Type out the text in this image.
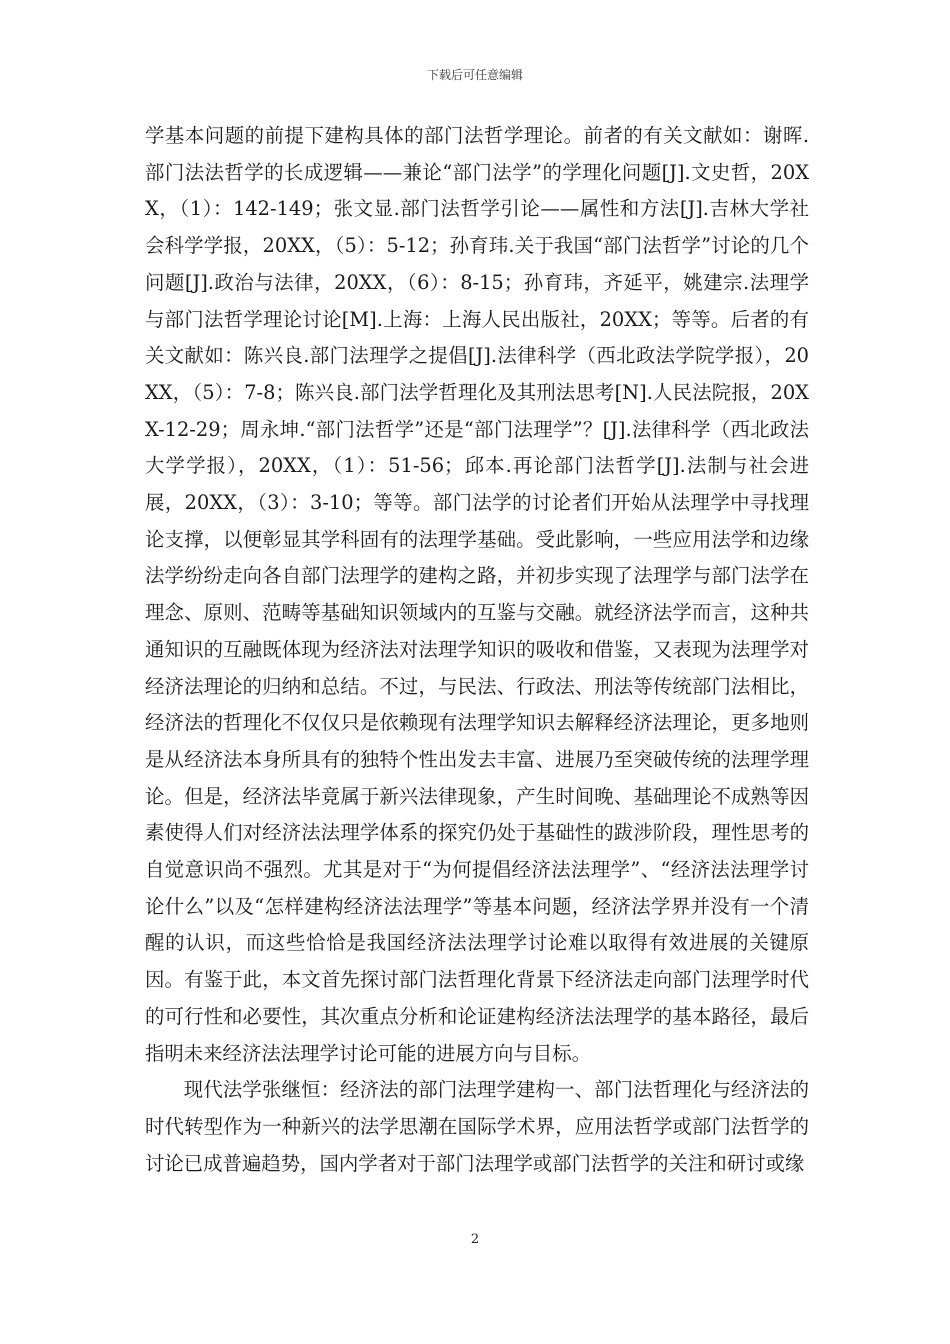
下载后可任意编辑

学基本问题的前提下建构具体的部门法哲学理论。前者的有关文献如：谢晖.部门法法哲学的长成逻辑——兼论“部门法学”的学理化问题[J].文史哲，20XX，（1）：142-149；张文显.部门法哲学引论——属性和方法[J].吉林大学社会科学学报，20XX，（5）：5-12；孙育玮.关于我国“部门法哲学”讨论的几个问题[J].政治与法律，20XX，（6）：8-15；孙育玮，齐延平，姚建宗.法理学与部门法哲学理论讨论[M].上海：上海人民出版社，20XX；等等。后者的有关文献如：陈兴良.部门法理学之提倡[J].法律科学（西北政法学院学报），20XX，（5）：7-8；陈兴良.部门法学哲理化及其刑法思考[N].人民法院报，20XX-12-29；周永坤.“部门法哲学”还是“部门法理学”？[J].法律科学（西北政法大学学报），20XX，（1）：51-56；邱本.再论部门法哲学[J].法制与社会进展，20XX，（3）：3-10；等等。部门法学的讨论者们开始从法理学中寻找理论支撑，以便彰显其学科固有的法理学基础。受此影响，一些应用法学和边缘法学纷纷走向各自部门法理学的建构之路，并初步实现了法理学与部门法学在理念、原则、范畴等基础知识领域内的互鉴与交融。就经济法学而言，这种共通知识的互融既体现为经济法对法理学知识的吸收和借鉴，又表现为法理学对经济法理论的归纳和总结。不过，与民法、行政法、刑法等传统部门法相比，经济法的哲理化不仅仅只是依赖现有法理学知识去解释经济法理论，更多地则是从经济法本身所具有的独特个性出发去丰富、进展乃至突破传统的法理学理论。但是，经济法毕竟属于新兴法律现象，产生时间晚、基础理论不成熟等因素使得人们对经济法法理学体系的探究仍处于基础性的跋涉阶段，理性思考的自觉意识尚不强烈。尤其是对于“为何提倡经济法法理学”、“经济法法理学讨论什么”以及“怎样建构经济法法理学”等基本问题，经济法学界并没有一个清醒的认识，而这些恰恰是我国经济法法理学讨论难以取得有效进展的关键原因。有鉴于此，本文首先探讨部门法哲理化背景下经济法走向部门法理学时代的可行性和必要性，其次重点分析和论证建构经济法法理学的基本路径，最后指明未来经济法法理学讨论可能的进展方向与目标。

现代法学张继恒：经济法的部门法理学建构一、部门法哲理化与经济法的时代转型作为一种新兴的法学思潮在国际学术界，应用法哲学或部门法哲学的讨论已成普遍趋势，国内学者对于部门法理学或部门法哲学的关注和研讨或缘

2
